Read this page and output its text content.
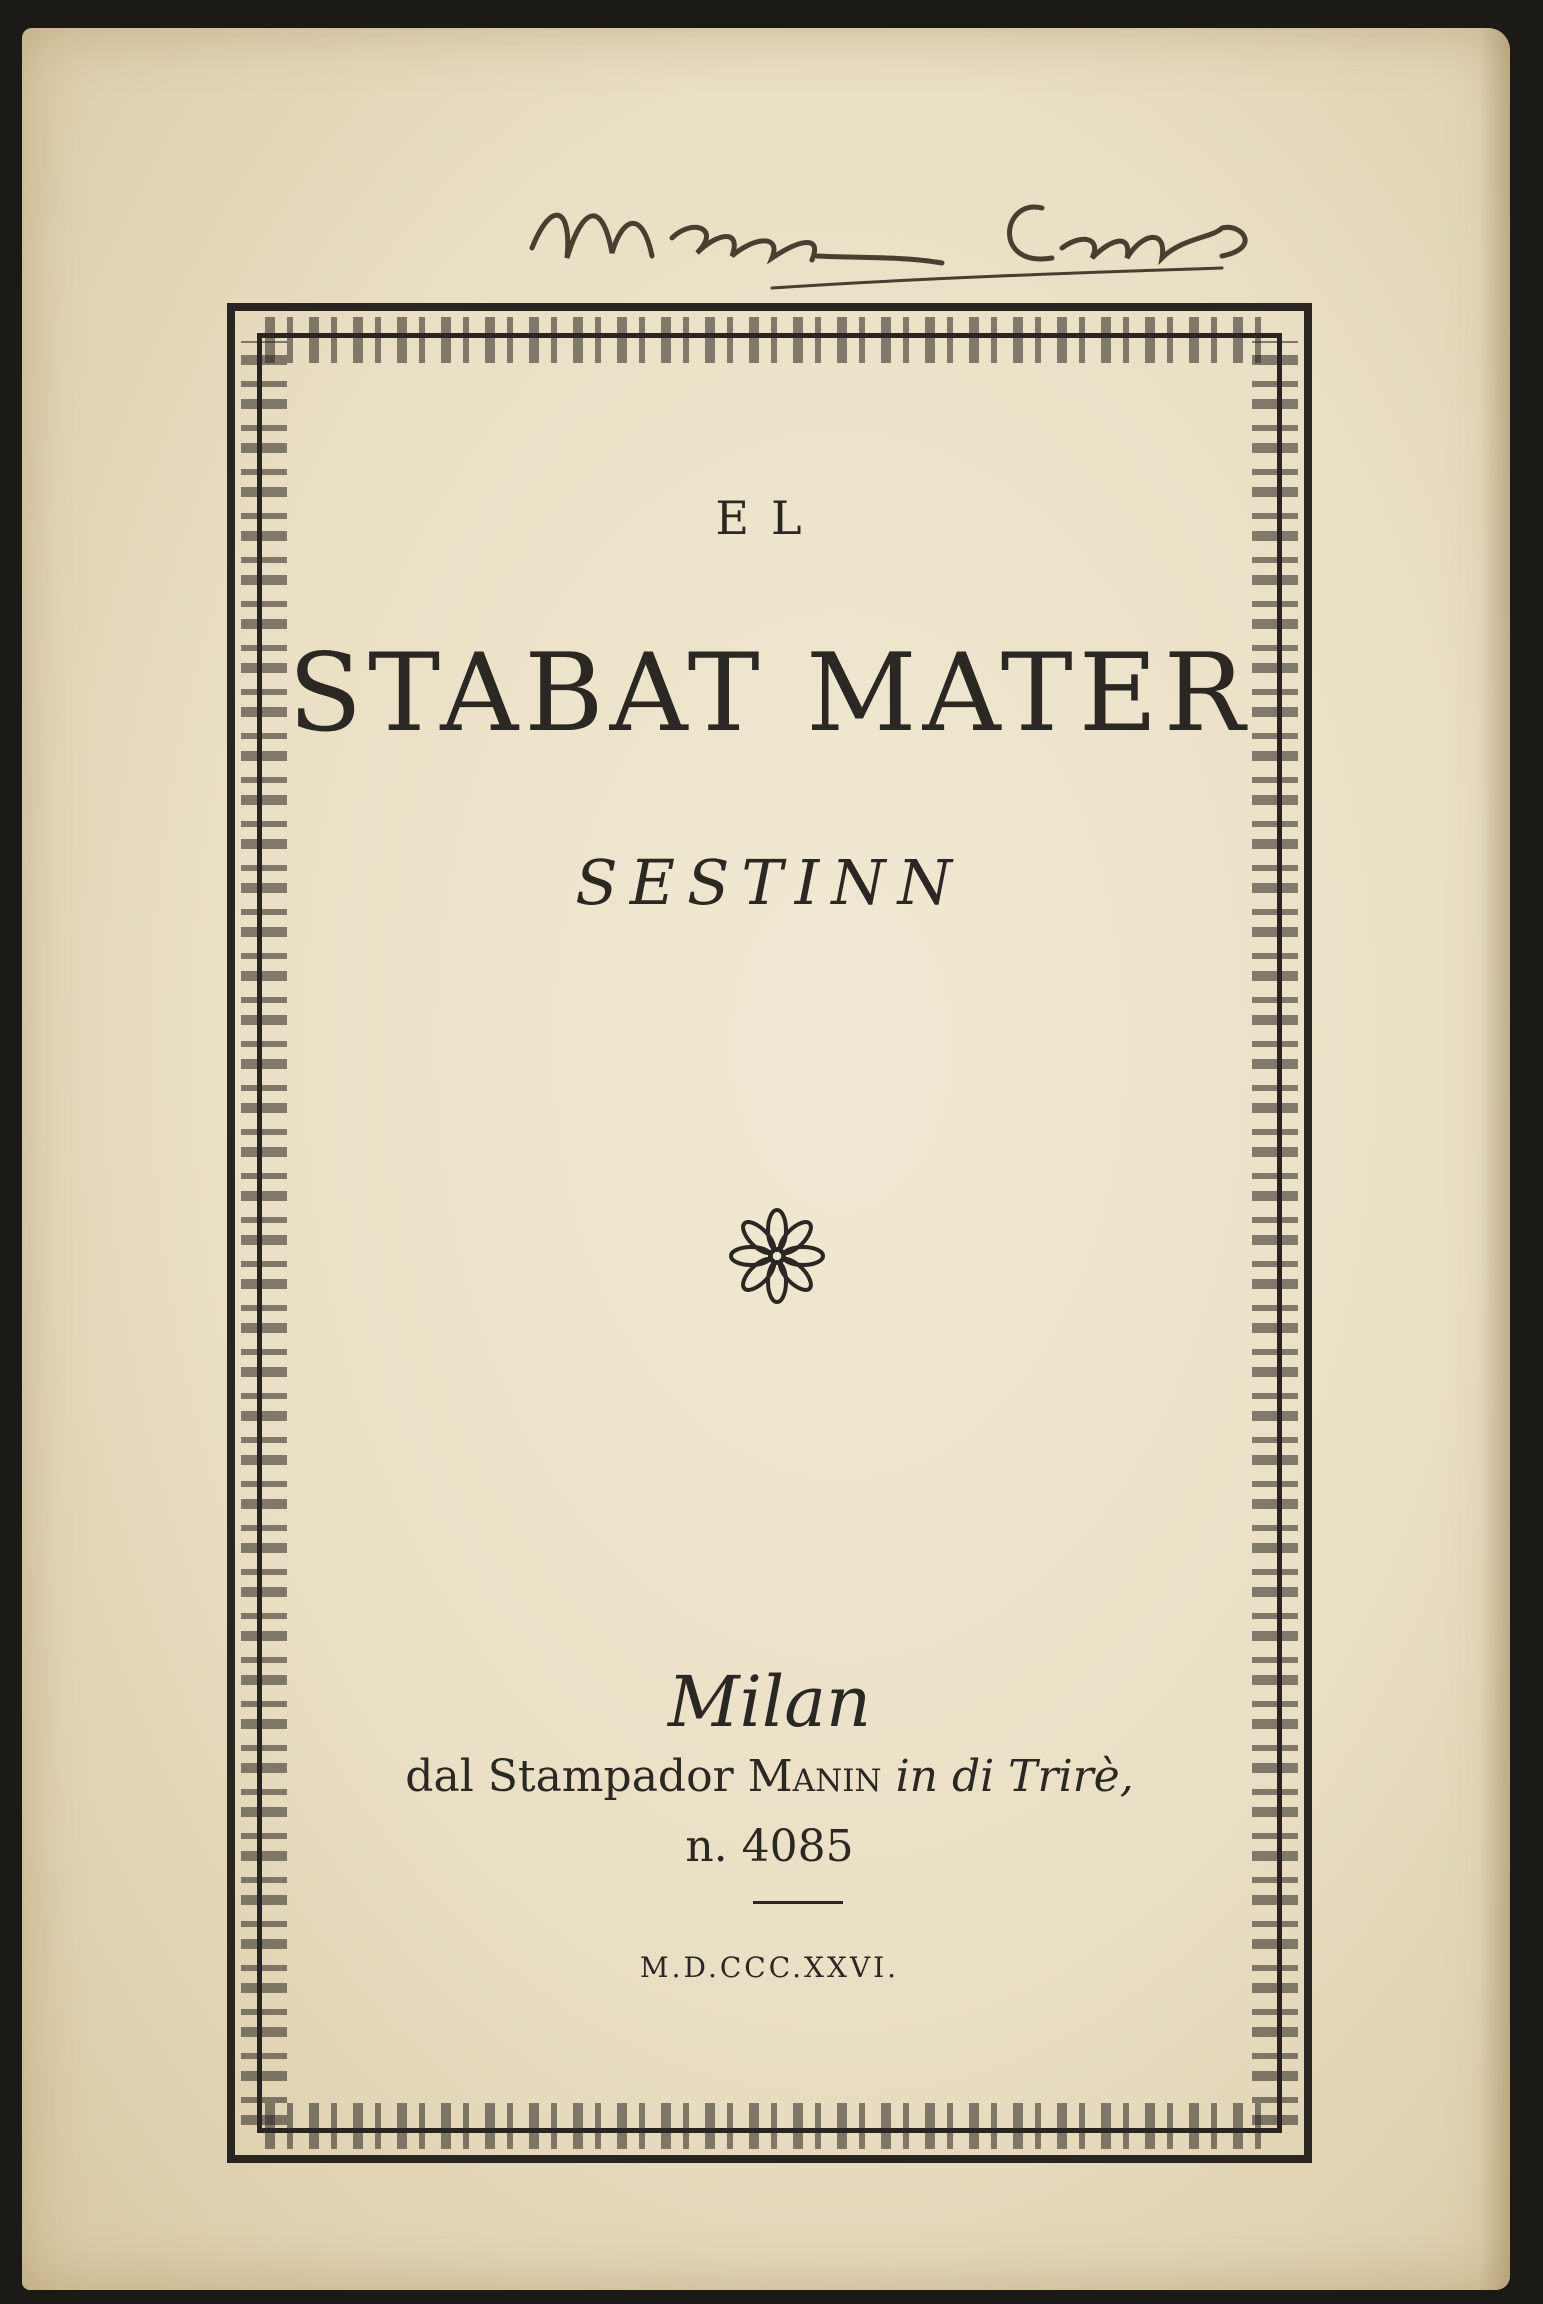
EL
STABAT MATER
SESTINN
Milan
dal Stampador Manin in di Trirè,
n. 4085
M.D.CCC.XXVI.
